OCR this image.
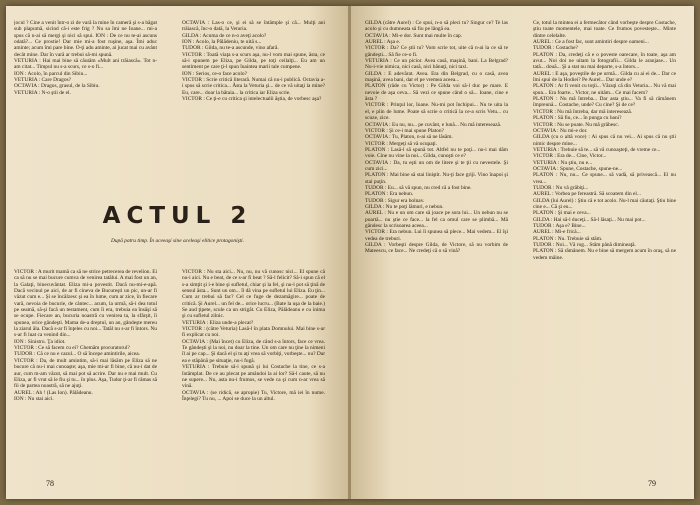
jocul ? Cine a venit într-o zi de vară la mine în cameră şi s-a băgat sub plapumă, sicind că-i este frig ? Nu sa îmi ne Ioane... mi-a spus că n-ai să mergi şi nici să spui. ION : De ce nu te-ai ascuns odată?... Ce prostie! Dar mie mi-a fost ruşine, aşa. Îmi aduc aminte; acum îmi pare bine. O-ţi adu aminte, ai jucat mai cu avânt decât mine. Dar în vară ar trebui să-mi spună.
VETURIA : Hai mai bine să căutăm «Mult ani trăiască». Tot n-am citat... Timpul nu s-a scurs, ce s-o fi...
ION : Acolo, în parcul din Sibiu...
VETURIA : Care Dragos?
OCTAVIA : Dragos, grasul, de la Sibiu.
VETURIA : N-o ştii de el.
OCTAVIA : Las-o ce, şi ei să se întâmple şi că... Mulţi ani trăiască, înc-o dată, la Veturia.
GILDA : Acuma de ce n-o aveţi acolo?
ION : Acolo, la Pălădeniu, te uită s...
TUDOR : Gilda, nu te-a ascunde, vino afară.
VICTOR : Toată viaţa s-a scurs aşa, nu-l vom mai spune, ăsta, ce să-i spunem pe Eliza, pe Gilda, pe toţi ceilalţi... Eu am un sentiment pe care ţi-l spun înaintea marii tale cumpene.
ION : Serios, ce-o face acolo?
VICTOR : Scrie critică literară. Numai că nu-i publică. Octavia a-i spus să scrie critica... Ăsta la Veturia şi... de ce vă uitaţi la mine? Eu, care... doar la bătaia... la critica iar Eliza scrie.
VICTOR : Ce ţi-e cu critica şi intelectualii ăştia, de vorbesc aşa?
ACTUL 2
După patru timp. În aceeaşi sine aceleaşi elitice protagonişti.
VICTOR : A murit mamă ca să ne strice petrecerea de revelion. Ei ca să nu se mai bucure cumva de venirea tatălui. A mai fost un an, la Galaţi, binecuvântat. Eliza mi-a povestit. Dacă nu-mi-e-apă. Dacă vecinul pe aici, de ar fi cineva de Bucureşti un pic, un-ar fi văzut cum e... Și se încălzesc şi ea în lume, cum ar zice, în fiecare vară, nevoia de bucurie, de cântec... acum, la urmă, să-i dea totul pe seamă, să-şi facă un testament, cum îi era, trebuia ea însăşi să se ocupe. Fiecare an, bucuria noastră cu venirea ta, la sfârşit, îi spunea, orice gândeşti. Mama de-a dreptul, un an, gândeşte mereu la ziarul ăla. Dacă s-ar fi înţeles cu noi... Tatăl nu s-ar fi întors. Nu s-ar fi luat ca venind din...
ION : Sinistru. Ţa idiot.
VICTOR : Ce să facem cu ei? Chemăm procuratorul?
TUDOR : Că ce nu e cazul... O să începe amintirile, aicea.
VICTOR : Da, de mult amintim, să-i mai lăsăm pe Eliza să ne bucure că nu-i mai cunoaşte; aşa, mie mi-ar fi bine, că nu-i dat de aur, cum m-am văzut, să mai pot să acrire. Dar nu e mai mult. Cu Eliza, ar fi vrut să le fiu şi tu... în plus. Aşa, Tudor ţi-ar fi rămas să fii de partea noastră, să ne ajuţi.
AUREL : Ah ! (Las Ion). Pălădeanu.
ION : Nu stai aici.
VICTOR : Nu sta aici... Nu, nu, nu vă cunosc nici... El spune că nu-i aici. Nu e beat, de ce s-ar fi beat ? Să-l felicit? Să-i spun că el s-a simţit şi i-e bine şi sufletul, chiar şi la fel, şi nu-l pot să ţină de sensul ăsta... Sunt un om... îl dă vina pe sufletul lui Eliza. Eu ţin... Cum ar trebui să fac? Cel ce fuge de dezamăgire... poate de critică. Şi Aurel... un fel de... orice lucru... (Bate la uşa de la baie.) Se aud ţipete, scule ca un strigăt. Cu Eliza, Pălădeanu e cu inima şi cu sufletul zilnic.
VETURIA : Eliza unde-a plecat?
VICTOR : (către Veturia) Lasă-l în plata Domnului. Mai bine s-ar fi explicat cu noi.
OCTAVIA : (Mai încet) cu Eliza, de când s-a întors, face ce vrea. Te gândeşti şi la noi, nu doar la tine. Un om care nu ţine la nimeni îl ai pe cap... Şi dacă el şi tu aţi vrea să vorbiţi, vorbeşte... nu? Dar ea e stăpână pe situaţie, nu-i fugă.
VETURIA : Trebuie să-i spună şi lui Costache la tine, ce s-a întâmplat. De ce au plecat pe amândoi la ai lor? Să-l caute, să nu ne supere... Nu, asta nu-i frumos, se vede ca şi cum n-ar vrea să vină.
OCTAVIA : (se ridică, se apropie) Tu, Victore, mă iei în nume. Înţelegi? Tu nu, ... Apoi se duce la un altul.
78
GILDA (către Aurel) : Ce spui, n-o să pleci tu? Singur ce? Te las acolo şi cu dumneata să fiu pe lângă ea.
OCTAVIA : Mi-e dor. Sunt mai multe în cap.
AUREL : Aşa e.
VICTOR : Da? Ce ştii tu? Vom scrie tot, uite că n-ai la ce să te gândeşti... Să fie ce-o fi.
VETURIA : Ce un picior. Avea casă, maşină, bani. La Belgrad? Nu-i-vie nimica, nici casă, nici bănuţi, nici taxi.
GILDA : E adevărat. Avea. Era din Belgrad, cu o casă, avea maşină, avea bani, dar el pe vremea aceea...
PLATON (râde cu Victor) : Pe Gilda voi să-l duc pe mare. E nevoie de aşa ceva... Să vezi ce spune când o să... Ioane, cine e ăsta ?
VICTOR : Prinţul lor, Ioane. Nu-mi pot închipui... Nu te uita la el, e plin de lume. Poate să scrie o critică la ce-a scris Vetu... cu scuze, zice.
OCTAVIA : Eu nu, nu... pe cuvânt, e lună... Nu mă interesează.
VICTOR : Şi ce-i mai spune Platon?
OCTAVIA : Tu, Platon, n-ai să ne lăsăm.
VICTOR : Mergeţi să vă ocupaţi.
PLATON : Lasă-l să spună tot. Altfel nu te poţi... nu-i mai dăm voie. Cine nu vine la noi... Gilda, cunoşti ce e?
OCTAVIA : Da, tu eşti un om de litere şi te ţii cu nevestele. Şi cum zici...
PLATON : Mai bine să stai liniştit. Nu-ţi face griji. Vino înapoi şi stai puţin.
TUDOR : Eu... să vă spun, nu cred că a fost bine.
PLATON : Era nebun.
TUDOR : Sigur era bolnav.
GILDA : Nu te poţi lămuri, e nebun.
AUREL : Nu e un om care să joace pe sora lui... Un nebun nu se poartă... nu ştie ce face... la fel ca omul care se plimbă... Mă gândesc la scrisoarea aceea...
VICTOR : Era nebun. Lui îi spunea să plece... Mai vedem... El îşi vedea de treburi.
GILDA : Vorbeşti despre Gilda, de Victore, să nu vorbim de Mateescu, ce face... Ne credeţi că o să vină?
Ce, totul la mintea ei a fermecător când vorbeşte despre Costache, ştiu toate momentele, mai toate. Ce frumos povesteşte... Minte dintre celelalte.
AUREL : Ce a fost fac, sunt amintiri despre oameni...
TUDOR : Costache?
PLATON : Da, credeţi că e o poveste oarecare, în toate, aşa am avut... Noi doi ne uitam la fotografii... Gilda le aranjase... Un tată... două... Şi a stat nu mai departe, s-a întors...
AUREL : E aşa, poveştile de pe urmă... Gilda cu ai ei de... Dar ce îmi spui de la Hodiei? Pe Aurel... Dar unde e?
PLATON : Ar fi venit cu toţii... Văzuţi că din Veturia... Nu vă mai spun... Era foarte... Victor, ne uităm... Ce mai facem?
PLATON : Nu mă întreba... Dar asta ştiu... Va fi să rămânem împreună... Costache, unde? Cu cine? Şi de ce?
VICTOR : Nu mă întreba, dar mă interesează.
PLATON : Să fiu, ce... în punga cu bani?
VICTOR : Nu se poate. Nu mă grăbesc.
OCTAVIA : Nu mi-e dor.
GILDA (cu o altă voce) : Ai spus că nu vei... Ai spus că nu ştii nimic despre mine...
VETURIA : Trebuie să te... să vă cunoaşteţi, de vreme ce...
VICTOR : Era de... Cine, Victor...
VETURIA : Nu ştiu, nu e...
OCTAVIA : Spune, Costache, spune-ne...
PLATON : Nu, nu... Ce spune... să vadă, să privească... El nu vrea...
TUDOR : Nu vă grăbiţi...
AUREL : Vorbea pe fereastră. Să scoatem din el...
GILDA (lui Aurel) : Ştiu că e tot acolo. Nu-l mai căutaţi. Ştiu bine cine e... Că şi eu...
PLATON : Şi mai e ceva...
GILDA : Hai să-l duceţi... Să-l lăsaţi... Nu mai pot...
TUDOR : Aşa e? Bine...
AUREL : Mi-e frică...
PLATON : Nu. Trebuie să stăm.
TUDOR : Noi... Vă rog... Stăm până dimineaţă.
PLATON : Să rămânem. Nu e bine să mergem acum în oraş, să ne vedem mâine.
79
